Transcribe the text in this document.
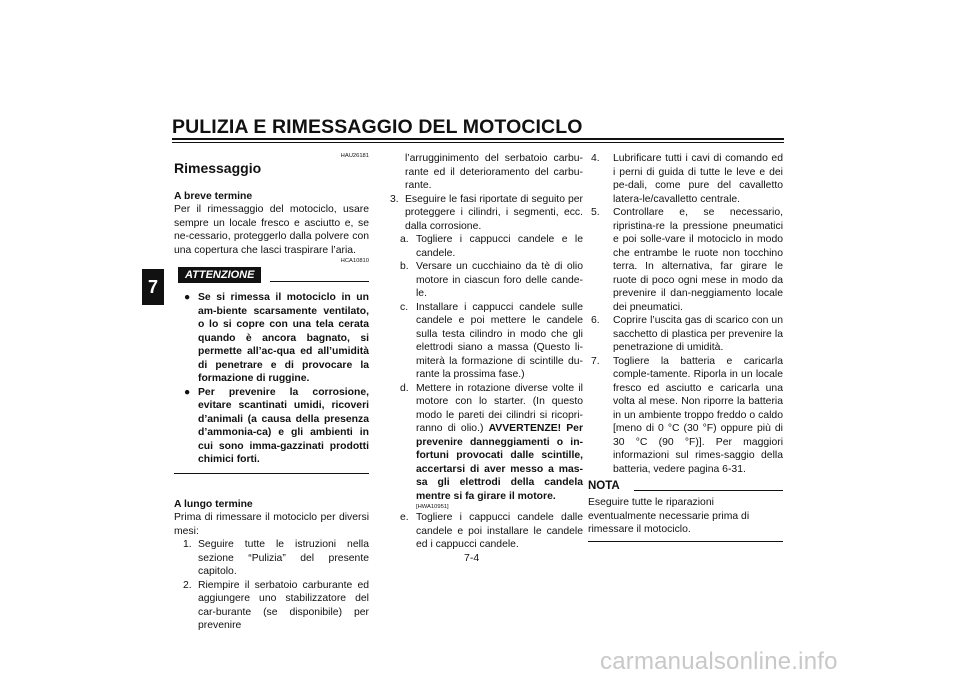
PULIZIA E RIMESSAGGIO DEL MOTOCICLO
7
HAU26181
Rimessaggio
A breve termine

Per il rimessaggio del motociclo, usare sempre un locale fresco e asciutto e, se ne-cessario, proteggerlo dalla polvere con una copertura che lasci traspirare l’aria.

HCA10810
ATTENZIONE
● Se si rimessa il motociclo in un am-biente scarsamente ventilato, o lo si copre con una tela cerata quando è ancora bagnato, si permette all’ac-qua ed all’umidità di penetrare e di provocare la formazione di ruggine.
● Per prevenire la corrosione, evitare scantinati umidi, ricoveri d’animali (a causa della presenza d’ammonia-ca) e gli ambienti in cui sono imma-gazzinati prodotti chimici forti.
A lungo termine

Prima di rimessare il motociclo per diversi mesi:

1. Seguire tutte le istruzioni nella sezione “Pulizia” del presente capitolo.
2. Riempire il serbatoio carburante ed aggiungere uno stabilizzatore del car-burante (se disponibile) per prevenire

l’arrugginimento del serbatoio carbu-rante ed il deterioramento del carbu-rante.

3. Eseguire le fasi riportate di seguito per proteggere i cilindri, i segmenti, ecc. dalla corrosione.
a. Togliere i cappucci candele e le candele.
b. Versare un cucchiaino da tè di olio motore in ciascun foro delle cande-le.
c. Installare i cappucci candele sulle candele e poi mettere le candele sulla testa cilindro in modo che gli elettrodi siano a massa (Questo li-miterà la formazione di scintille du-rante la prossima fase.)
d. Mettere in rotazione diverse volte il motore con lo starter. (In questo modo le pareti dei cilindri si ricopri-ranno di olio.) AVVERTENZE! Per prevenire danneggiamenti o in-fortuni provocati dalle scintille, accertarsi di aver messo a mas-sa gli elettrodi della candela mentre si fa girare il motore.
[HWA10951]
e. Togliere i cappucci candele dalle candele e poi installare le candele ed i cappucci candele.
4. Lubrificare tutti i cavi di comando ed i perni di guida di tutte le leve e dei pe-dali, come pure del cavalletto latera-le/cavalletto centrale.
5. Controllare e, se necessario, ripristina-re la pressione pneumatici e poi solle-vare il motociclo in modo che entrambe le ruote non tocchino terra. In alternativa, far girare le ruote di poco ogni mese in modo da prevenire il dan-neggiamento locale dei pneumatici.
6. Coprire l’uscita gas di scarico con un sacchetto di plastica per prevenire la penetrazione di umidità.
7. Togliere la batteria e caricarla comple-tamente. Riporla in un locale fresco ed asciutto e caricarla una volta al mese. Non riporre la batteria in un ambiente troppo freddo o caldo [meno di 0 °C (30 °F) oppure più di 30 °C (90 °F)]. Per maggiori informazioni sul rimes-saggio della batteria, vedere pagina 6-31.
NOTA

Eseguire tutte le riparazioni eventualmente necessarie prima di rimessare il motociclo.

7-4
carmanualsonline.info
